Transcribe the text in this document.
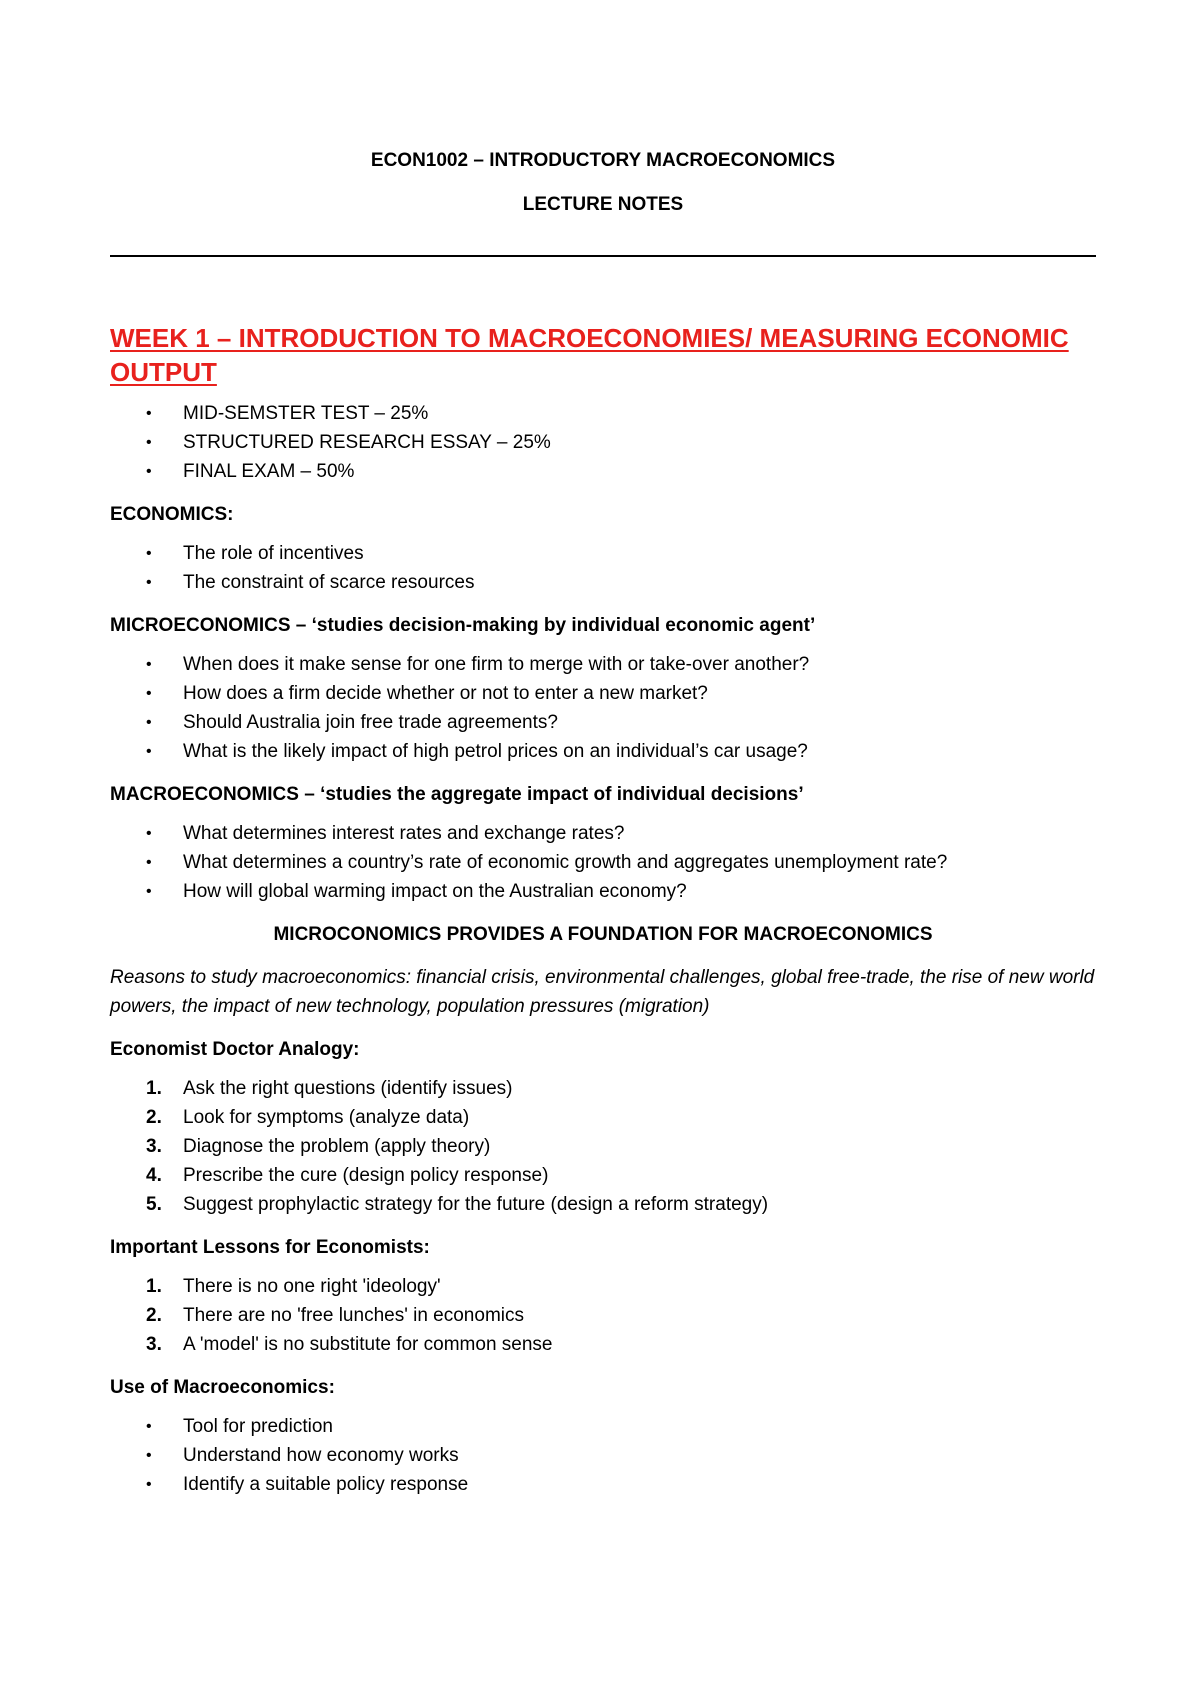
ECON1002 – INTRODUCTORY MACROECONOMICS

LECTURE NOTES

WEEK 1 – INTRODUCTION TO MACROECONOMIES/ MEASURING ECONOMIC OUTPUT
• MID-SEMSTER TEST – 25%
• STRUCTURED RESEARCH ESSAY – 25%
• FINAL EXAM – 50%

ECONOMICS:

• The role of incentives
• The constraint of scarce resources

MICROECONOMICS – ‘studies decision-making by individual economic agent’

• When does it make sense for one firm to merge with or take-over another?
• How does a firm decide whether or not to enter a new market?
• Should Australia join free trade agreements?
• What is the likely impact of high petrol prices on an individual’s car usage?

MACROECONOMICS – ‘studies the aggregate impact of individual decisions’

• What determines interest rates and exchange rates?
• What determines a country’s rate of economic growth and aggregates unemployment rate?
• How will global warming impact on the Australian economy?

MICROCONOMICS PROVIDES A FOUNDATION FOR MACROECONOMICS

Reasons to study macroeconomics: financial crisis, environmental challenges, global free-trade, the rise of new world powers, the impact of new technology, population pressures (migration)

Economist Doctor Analogy:

1. Ask the right questions (identify issues)
2. Look for symptoms (analyze data)
3. Diagnose the problem (apply theory)
4. Prescribe the cure (design policy response)
5. Suggest prophylactic strategy for the future (design a reform strategy)

Important Lessons for Economists:

1. There is no one right 'ideology'
2. There are no 'free lunches' in economics
3. A 'model' is no substitute for common sense

Use of Macroeconomics:

• Tool for prediction
• Understand how economy works
• Identify a suitable policy response
